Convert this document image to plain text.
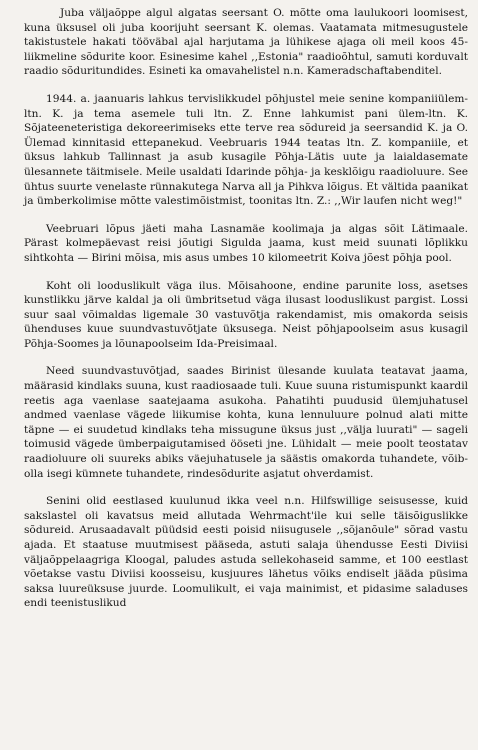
Juba väljaõppe algul algatas seersant O. mõtte oma laulukoori loomisest, kuna üksusel oli juba koorijuht seersant K. olemas. Vaatamata mitmesugustele takistustele hakati tööväbal ajal harjutama ja lühikese ajaga oli meil koos 45-liikmeline sõdurite koor. Esinesime kahel ,,Estonia" raadioõhtul, samuti korduvalt raadio sõduritundides. Esineti ka omavahelistel n.n. Kameradschaftabenditel.

1944. a. jaanuaris lahkus tervislikkudel põhjustel meie senine kompaniiülem-ltn. K. ja tema asemele tuli ltn. Z. Enne lahkumist pani ülem-ltn. K. Sõjateeneteristiga dekoreerimiseks ette terve rea sõdureid ja seersandid K. ja O. Ülemad kinnitasid ettepanekud. Veebruaris 1944 teatas ltn. Z. kompaniile, et üksus lahkub Tallinnast ja asub kusagile Põhja-Lätis uute ja laialdasemate ülesannete täitmisele. Meile usaldati Idarinde põhja- ja kesklõigu raadioluure. See ühtus suurte venelaste rünnakutega Narva all ja Pihkva lõigus. Et vältida paanikat ja ümberkolimise mõtte valestimõistmist, toonitas ltn. Z.: ,,Wir laufen nicht weg!"

Veebruari lõpus jäeti maha Lasnamäe koolimaja ja algas sõit Lätimaale. Pärast kolmepäevast reisi jõutigi Sigulda jaama, kust meid suunati lõplikku sihtkohta — Birini mõisa, mis asus umbes 10 kilomeetrit Koiva jõest põhja pool.

Koht oli looduslikult väga ilus. Mõisahoone, endine parunite loss, asetses kunstlikku järve kaldal ja oli ümbritsetud väga ilusast looduslikust pargist. Lossi suur saal võimaldas ligemale 30 vastuvõtja rakendamist, mis omakorda seisis ühenduses kuue suundvastuvõtjate üksusega. Neist põhjapoolseim asus kusagil Põhja-Soomes ja lõunapoolseim Ida-Preisimaal.

Need suundvastuvõtjad, saades Birinist ülesande kuulata teatavat jaama, määrasid kindlaks suuna, kust raadiosaade tuli. Kuue suuna ristumispunkt kaardil reetis aga vaenlase saatejaama asukoha. Pahatihti puudusid ülemjuhatusel andmed vaenlase vägede liikumise kohta, kuna lennuluure polnud alati mitte täpne — ei suudetud kindlaks teha missugune üksus just ,,välja luurati" — sageli toimusid vägede ümberpaigutamised ööseti jne. Lühidalt — meie poolt teostatav raadioluure oli suureks abiks väejuhatusele ja säästis omakorda tuhandete, võib-olla isegi kümnete tuhandete, rindesõdurite asjatut ohverdamist.

Senini olid eestlased kuulunud ikka veel n.n. Hilfswillige seisusesse, kuid sakslastel oli kavatsus meid allutada Wehrmacht'ile kui selle täisõiguslikke sõdureid. Arusaadavalt püüdsid eesti poisid niisugusele ,,sõjanõule" sõrad vastu ajada. Et staatuse muutmisest pääseda, astuti salaja ühendusse Eesti Diviisi väljaõppelaagriga Kloogal, paludes astuda sellekohaseid samme, et 100 eestlast võetakse vastu Diviisi koosseisu, kusjuures lähetus võiks endiselt jääda püsima saksa luureüksuse juurde. Loomulikult, ei vaja mainimist, et pidasime saladuses endi teenistuslikud
